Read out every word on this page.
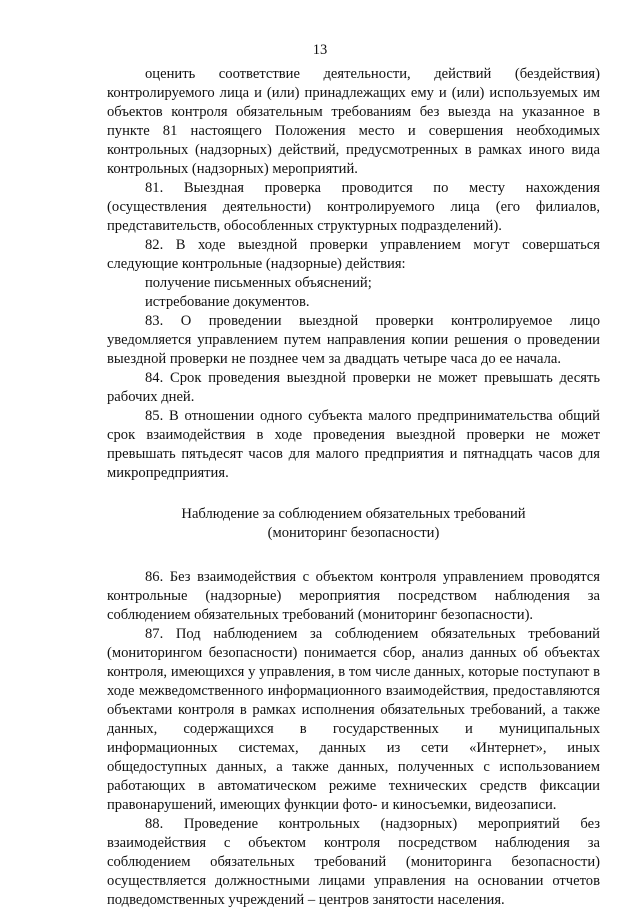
13

оценить соответствие деятельности, действий (бездействия) контролируемого лица и (или) принадлежащих ему и (или) используемых им объектов контроля обязательным требованиям без выезда на указанное в пункте 81 настоящего Положения место и совершения необходимых контрольных (надзорных) действий, предусмотренных в рамках иного вида контрольных (надзорных) мероприятий.

81. Выездная проверка проводится по месту нахождения (осуществления деятельности) контролируемого лица (его филиалов, представительств, обособленных структурных подразделений).

82. В ходе выездной проверки управлением могут совершаться следующие контрольные (надзорные) действия:

получение письменных объяснений;

истребование документов.

83. О проведении выездной проверки контролируемое лицо уведомляется управлением путем направления копии решения о проведении выездной проверки не позднее чем за двадцать четыре часа до ее начала.

84. Срок проведения выездной проверки не может превышать десять рабочих дней.

85. В отношении одного субъекта малого предпринимательства общий срок взаимодействия в ходе проведения выездной проверки не может превышать пятьдесят часов для малого предприятия и пятнадцать часов для микропредприятия.

Наблюдение за соблюдением обязательных требований
(мониторинг безопасности)

86. Без взаимодействия с объектом контроля управлением проводятся контрольные (надзорные) мероприятия посредством наблюдения за соблюдением обязательных требований (мониторинг безопасности).

87. Под наблюдением за соблюдением обязательных требований (мониторингом безопасности) понимается сбор, анализ данных об объектах контроля, имеющихся у управления, в том числе данных, которые поступают в ходе межведомственного информационного взаимодействия, предоставляются объектами контроля в рамках исполнения обязательных требований, а также данных, содержащихся в государственных и муниципальных информационных системах, данных из сети «Интернет», иных общедоступных данных, а также данных, полученных с использованием работающих в автоматическом режиме технических средств фиксации правонарушений, имеющих функции фото- и киносъемки, видеозаписи.

88. Проведение контрольных (надзорных) мероприятий без взаимодействия с объектом контроля посредством наблюдения за соблюдением обязательных требований (мониторинга безопасности) осуществляется должностными лицами управления на основании отчетов подведомственных учреждений – центров занятости населения.
